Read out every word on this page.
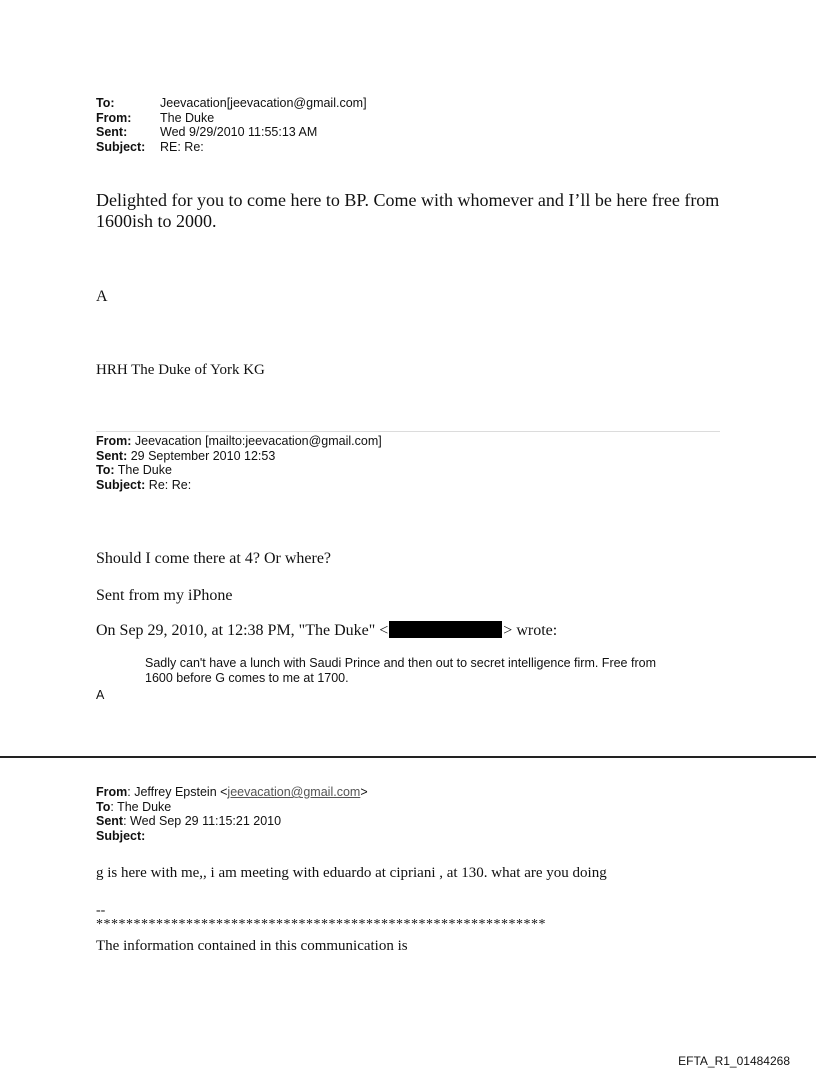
To:	Jeevacation[jeevacation@gmail.com]
From:	The Duke
Sent:	Wed 9/29/2010 11:55:13 AM
Subject:	RE: Re:
Delighted for you to come here to BP. Come with whomever and I’ll be here free from 1600ish to 2000.
A
HRH The Duke of York KG
From: Jeevacation [mailto:jeevacation@gmail.com]
Sent: 29 September 2010 12:53
To: The Duke
Subject: Re: Re:
Should I come there at 4? Or where?
Sent from my iPhone
On Sep 29, 2010, at 12:38 PM, "The Duke" <	> wrote:
Sadly can't have a lunch with Saudi Prince and then out to secret intelligence firm. Free from 1600 before G comes to me at 1700.
A
From: Jeffrey Epstein <jeevacation@gmail.com>
To: The Duke
Sent: Wed Sep 29 11:15:21 2010
Subject:
g is here with me,, i am meeting with eduardo at cipriani , at 130. what are you doing
--
************************************************************
The information contained in this communication is
EFTA_R1_01484268
